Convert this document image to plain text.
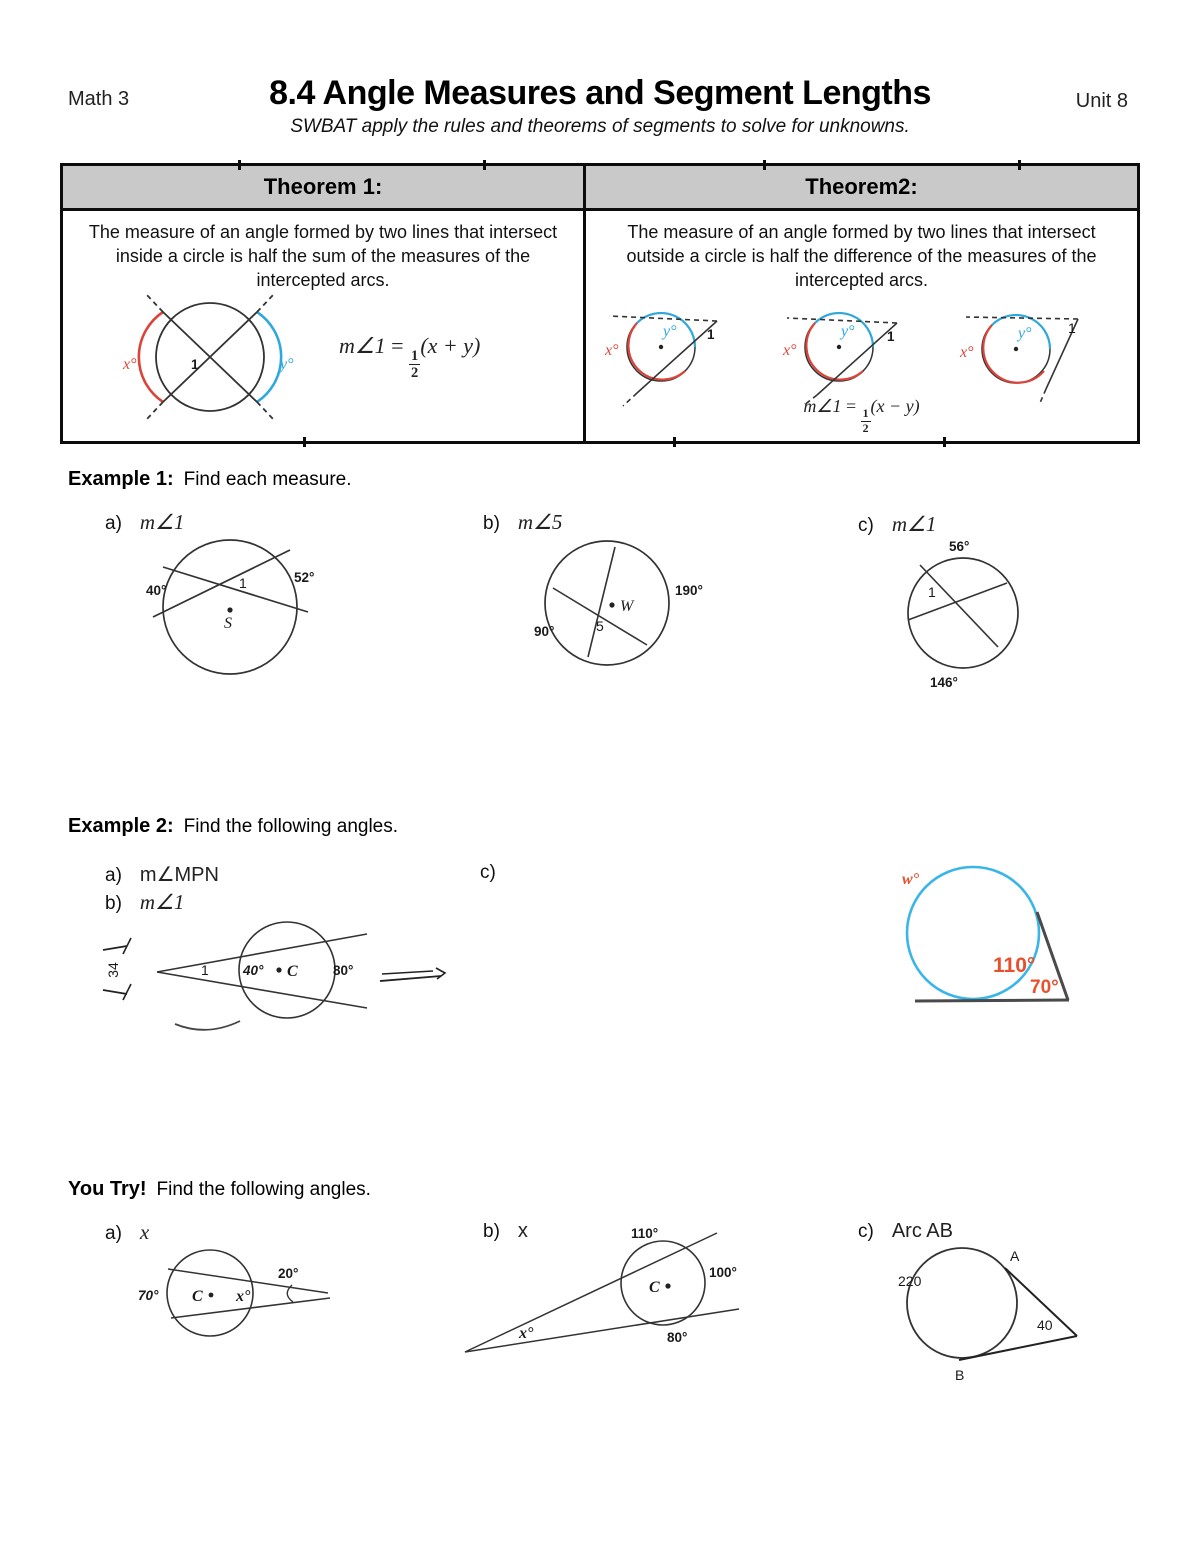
Math 3	8.4 Angle Measures and Segment Lengths	Unit 8
SWBAT apply the rules and theorems of segments to solve for unknowns.
Theorem 1:
The measure of an angle formed by two lines that intersect inside a circle is half the sum of the measures of the intercepted arcs.
x°	1	y°
m∠1 =
$\frac{1}{2}$
(x + y)
Theorem2:
The measure of an angle formed by two lines that intersect outside a circle is half the difference of the measures of the intercepted arcs.
x°
y° 1
x°
y° 1
x°
y°	1
m∠1 =
$\frac{1}{2}$
(x − y)
Example 1: Find each measure.
a) m∠1
1
40°
52°
S
b) m∠5
W
5
190°
90°
c) m∠1
1
56°
146°
Example 2: Find the following angles.
a) m∠MPN
b) m∠1
c)
1	40° C	80°
34
w°
110°
70°
You Try! Find the following angles.
a) x
70° C x°
20°
b) x	110°
100°
80°
x°
C
c) Arc AB
220
A
B
40
